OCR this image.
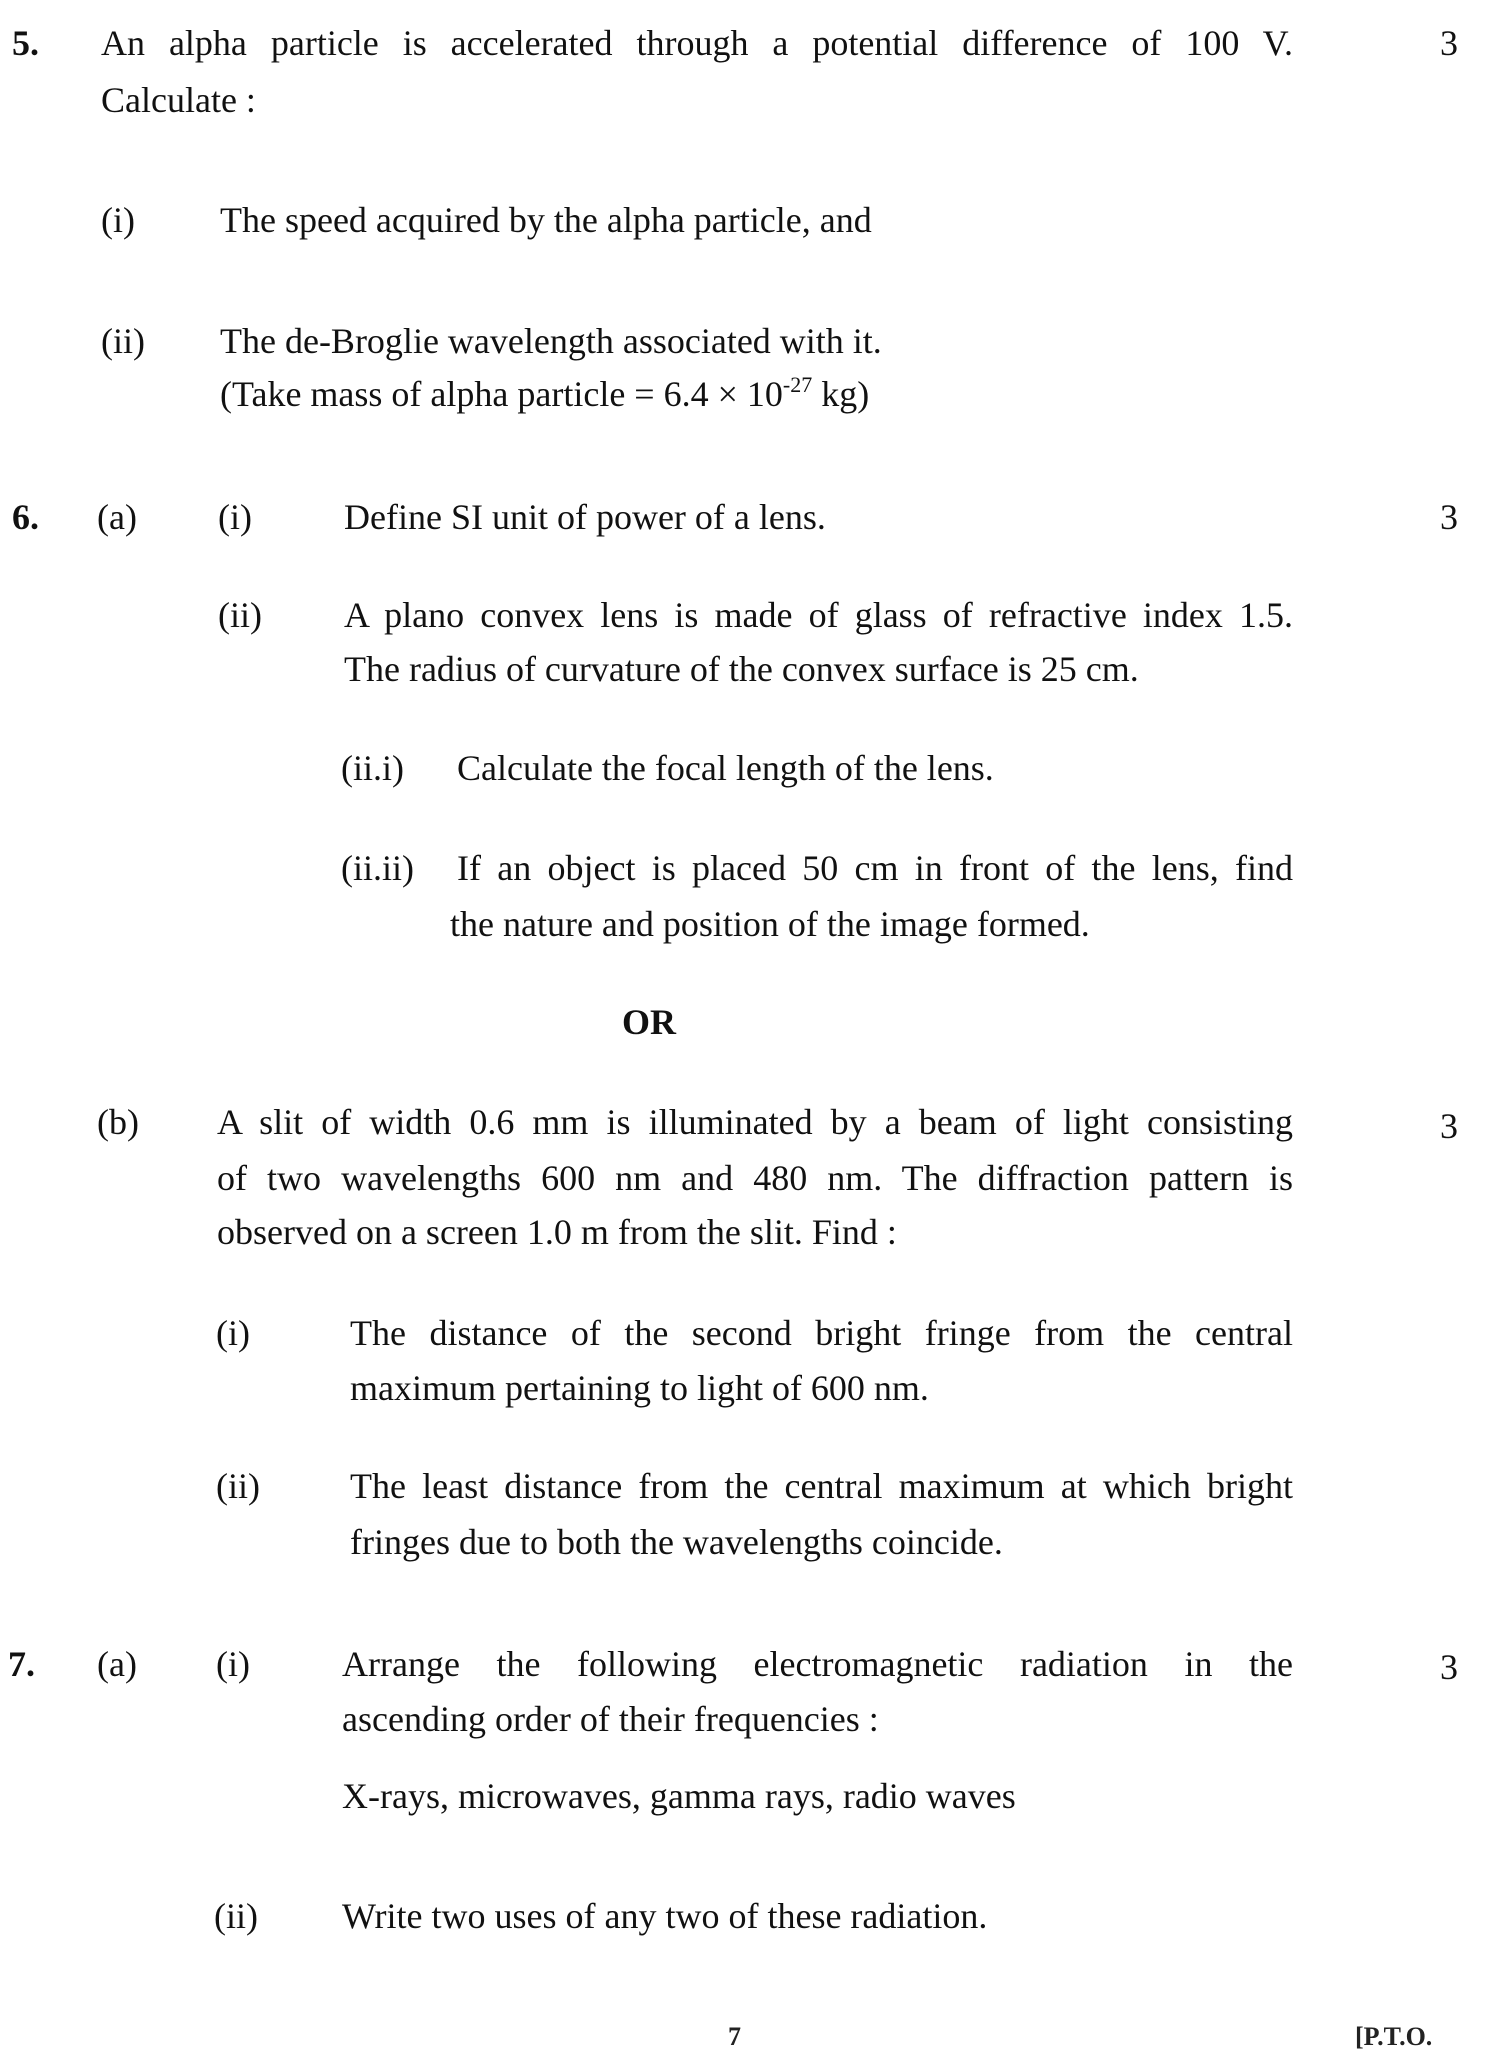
5. An alpha particle is accelerated through a potential difference of 100 V.
Calculate :
3
(i) The speed acquired by the alpha particle, and
(ii) The de-Broglie wavelength associated with it.
(Take mass of alpha particle = $6.4 \times 10^{-27}$ kg)
6. (a) (i)	Define SI unit of power of a lens.	3
(ii) A plano convex lens is made of glass of refractive index 1.5.
The radius of curvature of the convex surface is 25 cm.
(ii.i) Calculate the focal length of the lens.
(ii.ii) If an object is placed 50 cm in front of the lens, find
the nature and position of the image formed.
OR
(b) A slit of width 0.6 mm is illuminated by a beam of light consisting	3
of two wavelengths 600 nm and 480 nm. The diffraction pattern is
observed on a screen 1.0 m from the slit. Find :
(i)	The distance of the second bright fringe from the central
maximum pertaining to light of 600 nm.
(ii)	The least distance from the central maximum at which bright
fringes due to both the wavelengths coincide.
7. (a) (i)	Arrange the following electromagnetic radiation in the	3
ascending order of their frequencies :
X-rays, microwaves, gamma rays, radio waves
(ii) Write two uses of any two of these radiation.
7	[P.T.O.
